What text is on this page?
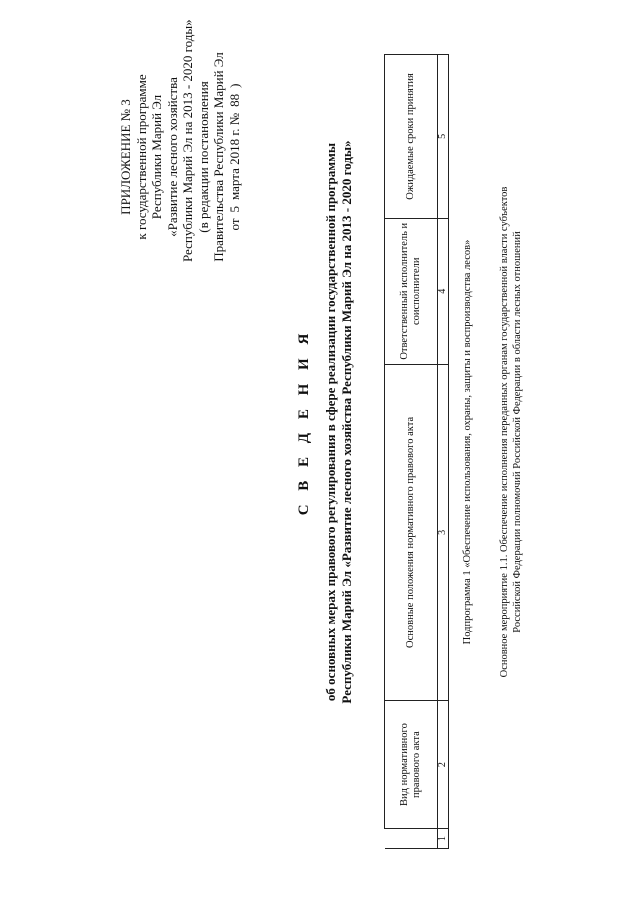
ПРИЛОЖЕНИЕ № 3 к государственной программе Республики Марий Эл «Развитие лесного хозяйства Республики Марий Эл на 2013 - 2020 годы» (в редакции постановления Правительства Республики Марий Эл от
5
марта 2018 г. №
88
)
С В Е Д Е Н И Я об основных мерах правового регулирования в сфере реализации государственной программы Республики Марий Эл «Развитие лесного хозяйства Республики Марий Эл на 2013 - 2020 годы»
	Вид нормативного правового акта	Основные положения нормативного правового акта	Ответственный исполнитель и соисполнители	Ожидаемые сроки принятия
1	2	3	4	5
Подпрограмма 1 «Обеспечение использования, охраны, защиты и воспроизводства лесов» Основное мероприятие 1.1. Обеспечение исполнения переданных органам государственной власти субъектов Российской Федерации полномочий Российской Федерации в области лесных отношений
